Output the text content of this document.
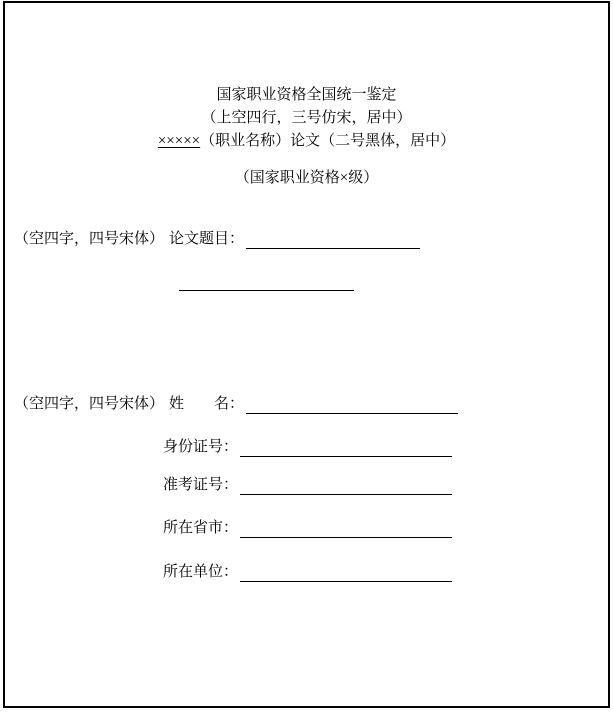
国家职业资格全国统一鉴定
（上空四行，三号仿宋，居中）
×××××（职业名称）论文（二号黑体，居中）
（国家职业资格×级）
（空四字，四号宋体） 论文题目：
（空四字，四号宋体） 姓　　名：
身份证号：
准考证号：
所在省市：
所在单位：
